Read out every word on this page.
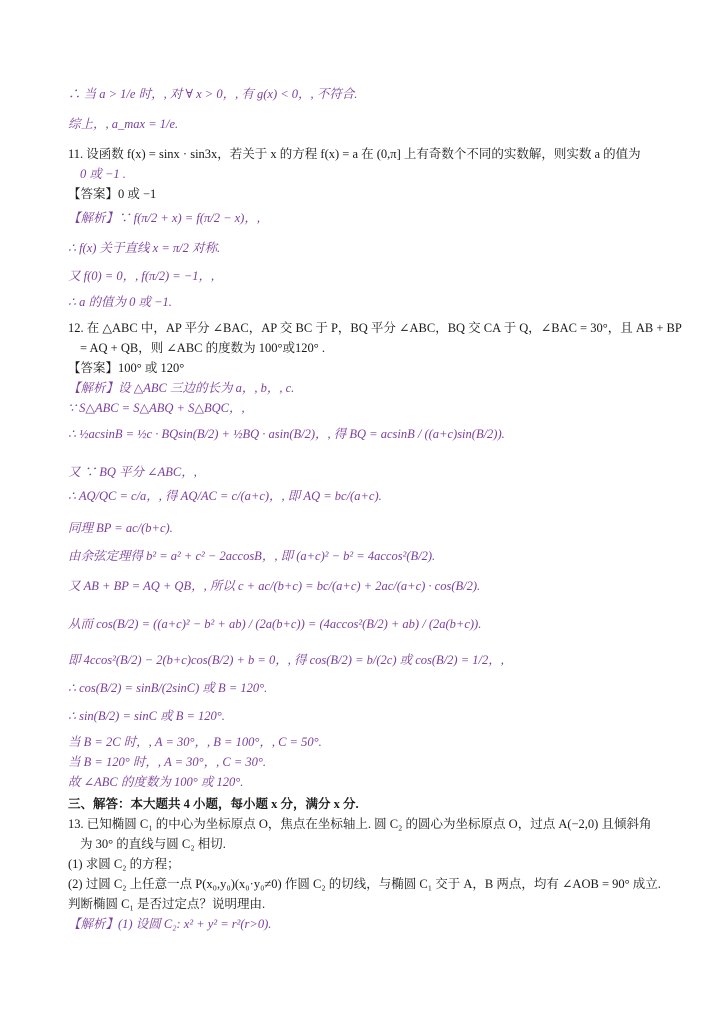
∴ 当 a > 1/e 时，, 对 ∀ x > 0，, 有 g(x) < 0，, 不符合.
综上，, a_max = 1/e.
11. 设函数 f(x) = sinx · sin3x，若关于 x 的方程 f(x) = a 在 (0,π] 上有奇数个不同的实数解，则实数 a 的值为
0 或 −1 .
【答案】0 或 −1
【解析】∵ f(π/2 + x) = f(π/2 − x)，,
∴ f(x) 关于直线 x = π/2 对称.
又 f(0) = 0，, f(π/2) = −1，,
∴ a 的值为 0 或 −1.
12. 在 △ABC 中，AP 平分 ∠BAC，AP 交 BC 于 P，BQ 平分 ∠ABC，BQ 交 CA 于 Q，∠BAC = 30°，且 AB + BP
= AQ + QB，则 ∠ABC 的度数为 100°或120° .
【答案】100° 或 120°
【解析】设 △ABC 三边的长为 a，, b，, c.
∵ S△ABC = S△ABQ + S△BQC，,
∴ ½acsinB = ½c · BQsin(B/2) + ½BQ · asin(B/2)，, 得 BQ = acsinB / ((a+c)sin(B/2)).
又 ∵ BQ 平分 ∠ABC，,
∴ AQ/QC = c/a，, 得 AQ/AC = c/(a+c)，, 即 AQ = bc/(a+c).
同理 BP = ac/(b+c).
由余弦定理得 b² = a² + c² − 2accosB，, 即 (a+c)² − b² = 4accos²(B/2).
又 AB + BP = AQ + QB，, 所以 c + ac/(b+c) = bc/(a+c) + 2ac/(a+c) · cos(B/2).
从而 cos(B/2) = ((a+c)² − b² + ab) / (2a(b+c)) = (4accos²(B/2) + ab) / (2a(b+c)).
即 4ccos²(B/2) − 2(b+c)cos(B/2) + b = 0，, 得 cos(B/2) = b/(2c) 或 cos(B/2) = 1/2，,
∴ cos(B/2) = sinB/(2sinC) 或 B = 120°.
∴ sin(B/2) = sinC 或 B = 120°.
当 B = 2C 时，, A = 30°，, B = 100°，, C = 50°.
当 B = 120° 时，, A = 30°，, C = 30°.
故 ∠ABC 的度数为 100° 或 120°.
三、解答：本大题共 4 小题，每小题 x 分，满分 x 分.
13. 已知椭圆 C₁ 的中心为坐标原点 O，焦点在坐标轴上. 圆 C₂ 的圆心为坐标原点 O，过点 A(−2,0) 且倾斜角
为 30° 的直线与圆 C₂ 相切.
(1) 求圆 C₂ 的方程；
(2) 过圆 C₂ 上任意一点 P(x₀,y₀)(x₀·y₀≠0) 作圆 C₂ 的切线，与椭圆 C₁ 交于 A，B 两点，均有 ∠AOB = 90° 成立.
判断椭圆 C₁ 是否过定点？说明理由.
【解析】(1) 设圆 C₂: x² + y² = r²(r>0).
